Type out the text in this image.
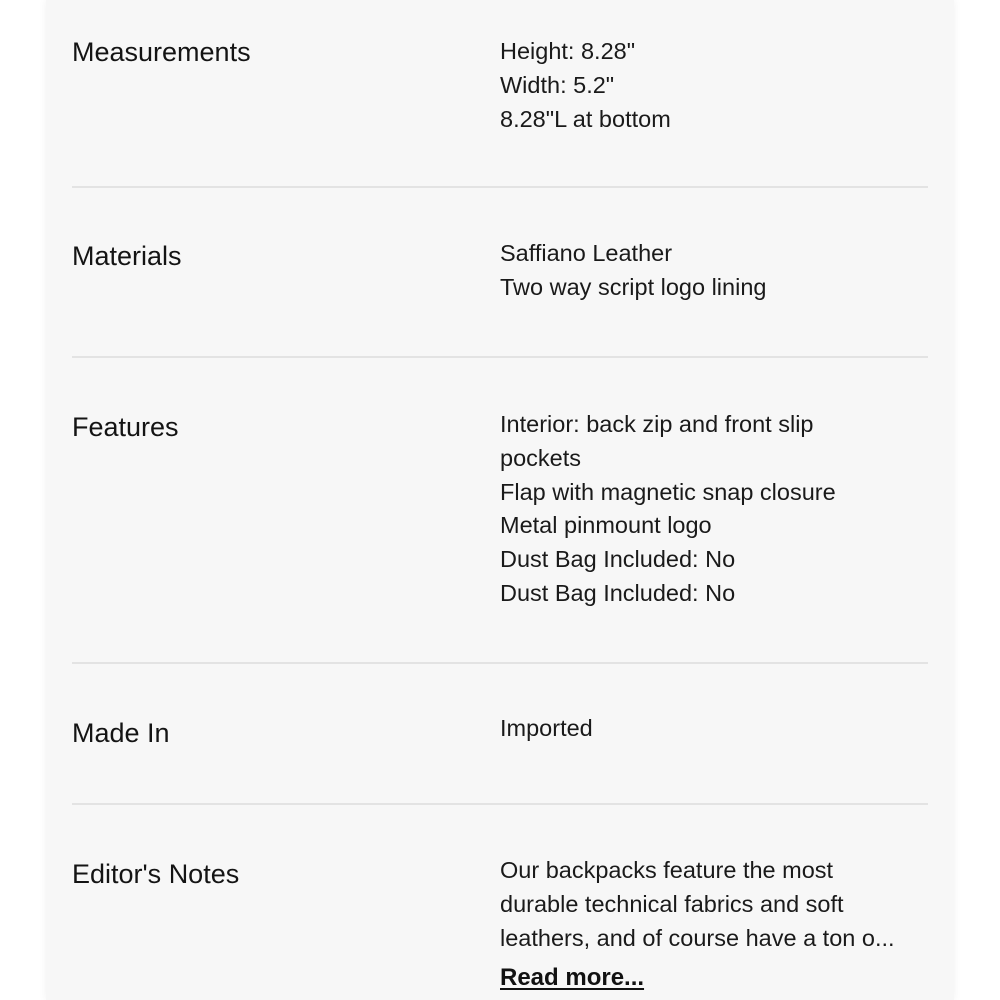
Measurements	Height: 8.28"
Width: 5.2"
8.28"L at bottom
Materials	Saffiano Leather
Two way script logo lining
Features	Interior: back zip and front slip
pockets
Flap with magnetic snap closure
Metal pinmount logo
Dust Bag Included: No
Dust Bag Included: No
Made In	Imported
Editor's Notes	Our backpacks feature the most
durable technical fabrics and soft
leathers, and of course have a ton o...
Read more...
